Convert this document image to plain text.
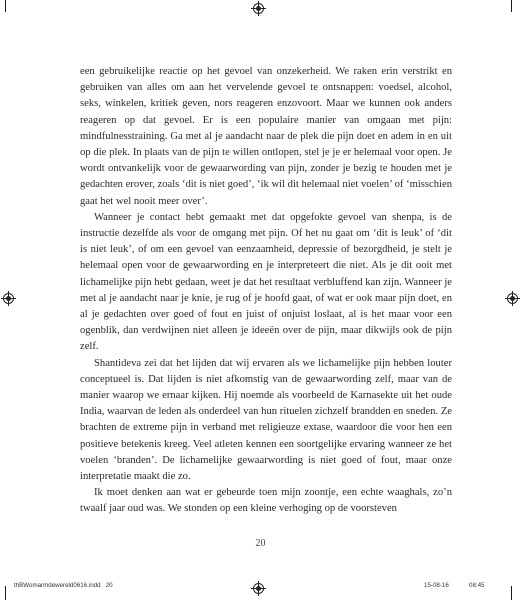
een gebruikelijke reactie op het gevoel van onzekerheid. We raken erin verstrikt en gebruiken van alles om aan het vervelende gevoel te ontsnappen: voedsel, alcohol, seks, winkelen, kritiek geven, nors reageren enzovoort. Maar we kunnen ook anders reageren op dat gevoel. Er is een populaire manier van omgaan met pijn: mindfulnesstraining. Ga met al je aandacht naar de plek die pijn doet en adem in en uit op die plek. In plaats van de pijn te willen ontlopen, stel je je er helemaal voor open. Je wordt ontvankelijk voor de gewaarwording van pijn, zonder je bezig te houden met je gedachten erover, zoals ‘dit is niet goed’, ‘ik wil dit helemaal niet voelen’ of ‘misschien gaat het wel nooit meer over’.

Wanneer je contact hebt gemaakt met dat opgefokte gevoel van shenpa, is de instructie dezelfde als voor de omgang met pijn. Of het nu gaat om ‘dit is leuk’ of ‘dit is niet leuk’, of om een gevoel van eenzaamheid, depressie of bezorgdheid, je stelt je helemaal open voor de gewaarwording en je interpreteert die niet. Als je dit ooit met lichamelijke pijn hebt gedaan, weet je dat het resultaat verbluffend kan zijn. Wanneer je met al je aandacht naar je knie, je rug of je hoofd gaat, of wat er ook maar pijn doet, en al je gedachten over goed of fout en juist of onjuist loslaat, al is het maar voor een ogenblik, dan verdwijnen niet alleen je ideeën over de pijn, maar dikwijls ook de pijn zelf.

Shantideva zei dat het lijden dat wij ervaren als we lichamelijke pijn hebben louter conceptueel is. Dat lijden is niet afkomstig van de gewaarwording zelf, maar van de manier waarop we ernaar kijken. Hij noemde als voorbeeld de Karnasekte uit het oude India, waarvan de leden als onderdeel van hun rituelen zichzelf brandden en sneden. Ze brachten de extreme pijn in verband met religieuze extase, waardoor die voor hen een positieve betekenis kreeg. Veel atleten kennen een soortgelijke ervaring wanneer ze het voelen ‘branden’. De lichamelijke gewaarwording is niet goed of fout, maar onze interpretatie maakt die zo.

Ik moet denken aan wat er gebeurde toen mijn zoontje, een echte waaghals, zo’n twaalf jaar oud was. We stonden op een kleine verhoging op de voorsteven

20
thBWomarmdewereld0616.indd   20	15-08-16	08:45
